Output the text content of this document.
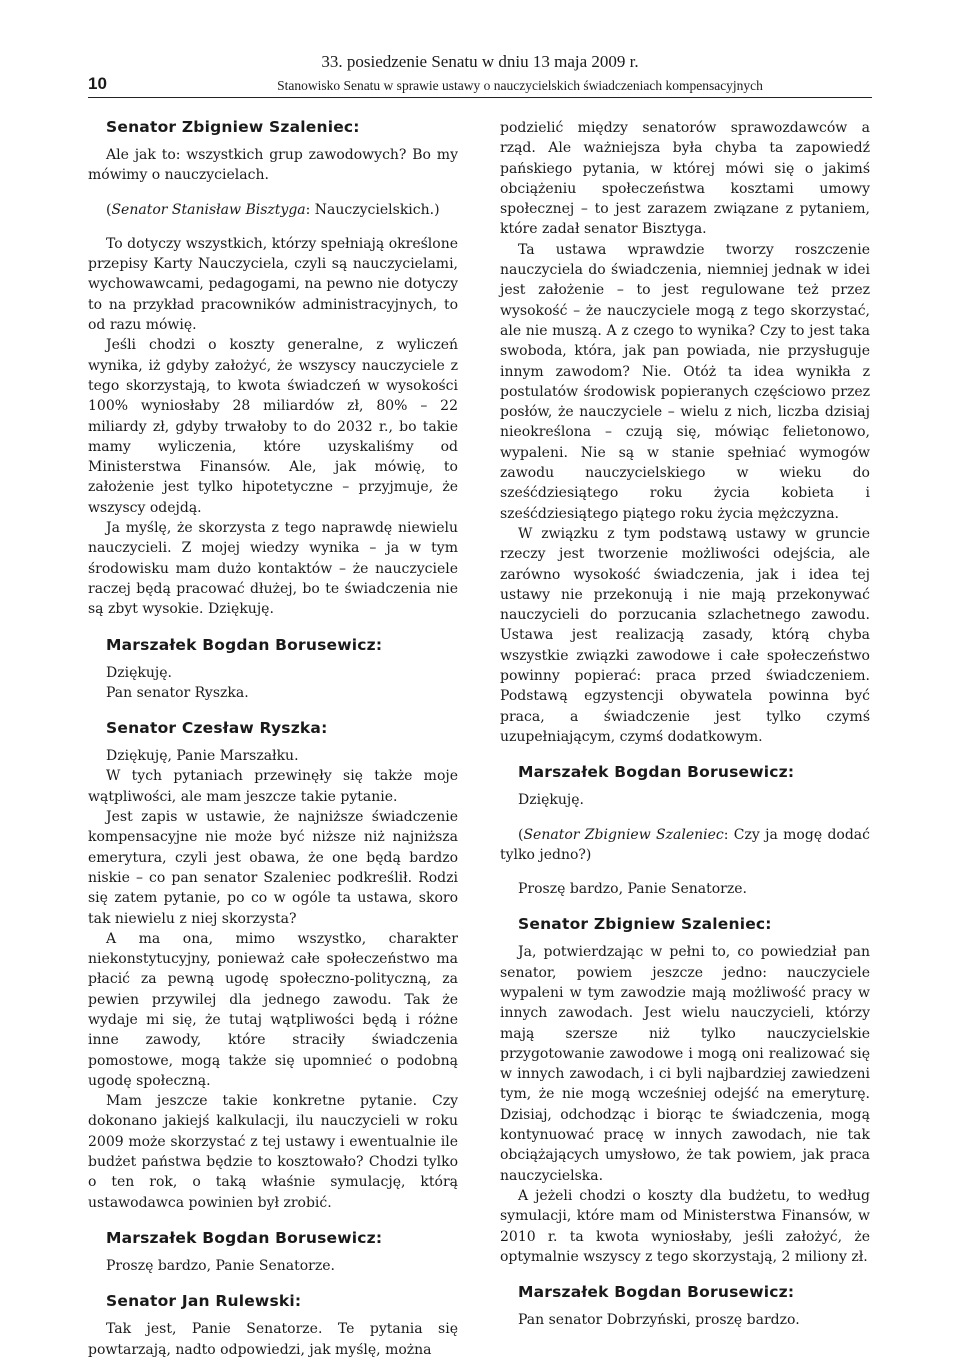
10
33. posiedzenie Senatu w dniu 13 maja 2009 r.
Stanowisko Senatu w sprawie ustawy o nauczycielskich świadczeniach kompensacyjnych
Senator Zbigniew Szaleniec:

Ale jak to: wszystkich grup zawodowych? Bo my mówimy o nauczycielach.

(Senator Stanisław Bisztyga: Nauczycielskich.)

To dotyczy wszystkich, którzy spełniają określone przepisy Karty Nauczyciela, czyli są nauczycielami, wychowawcami, pedagogami, na pewno nie dotyczy to na przykład pracowników administracyjnych, to od razu mówię.

Jeśli chodzi o koszty generalne, z wyliczeń wynika, iż gdyby założyć, że wszyscy nauczyciele z tego skorzystają, to kwota świadczeń w wysokości 100% wyniosłaby 28 miliardów zł, 80% – 22 miliardy zł, gdyby trwałoby to do 2032 r., bo takie mamy wyliczenia, które uzyskaliśmy od Ministerstwa Finansów. Ale, jak mówię, to założenie jest tylko hipotetyczne – przyjmuje, że wszyscy odejdą.

Ja myślę, że skorzysta z tego naprawdę niewielu nauczycieli. Z mojej wiedzy wynika – ja w tym środowisku mam dużo kontaktów – że nauczyciele raczej będą pracować dłużej, bo te świadczenia nie są zbyt wysokie. Dziękuję.

Marszałek Bogdan Borusewicz:

Dziękuję.

Pan senator Ryszka.

Senator Czesław Ryszka:

Dziękuję, Panie Marszałku.

W tych pytaniach przewinęły się także moje wątpliwości, ale mam jeszcze takie pytanie.

Jest zapis w ustawie, że najniższe świadczenie kompensacyjne nie może być niższe niż najniższa emerytura, czyli jest obawa, że one będą bardzo niskie – co pan senator Szaleniec podkreślił. Rodzi się zatem pytanie, po co w ogóle ta ustawa, skoro tak niewielu z niej skorzysta?

A ma ona, mimo wszystko, charakter niekonstytucyjny, ponieważ całe społeczeństwo ma płacić za pewną ugodę społeczno-polityczną, za pewien przywilej dla jednego zawodu. Tak że wydaje mi się, że tutaj wątpliwości będą i różne inne zawody, które straciły świadczenia pomostowe, mogą także się upomnieć o podobną ugodę społeczną.

Mam jeszcze takie konkretne pytanie. Czy dokonano jakiejś kalkulacji, ilu nauczycieli w roku 2009 może skorzystać z tej ustawy i ewentualnie ile budżet państwa będzie to kosztowało? Chodzi tylko o ten rok, o taką właśnie symulację, którą ustawodawca powinien był zrobić.

Marszałek Bogdan Borusewicz:

Proszę bardzo, Panie Senatorze.

Senator Jan Rulewski:

Tak jest, Panie Senatorze. Te pytania się powtarzają, nadto odpowiedzi, jak myślę, można

podzielić między senatorów sprawozdawców a rząd. Ale ważniejsza była chyba ta zapowiedź pańskiego pytania, w której mówi się o jakimś obciążeniu społeczeństwa kosztami umowy społecznej – to jest zarazem związane z pytaniem, które zadał senator Bisztyga.

Ta ustawa wprawdzie tworzy roszczenie nauczyciela do świadczenia, niemniej jednak w idei jest założenie – to jest regulowane też przez wysokość – że nauczyciele mogą z tego skorzystać, ale nie muszą. A z czego to wynika? Czy to jest taka swoboda, która, jak pan powiada, nie przysługuje innym zawodom? Nie. Otóż ta idea wynikła z postulatów środowisk popieranych częściowo przez posłów, że nauczyciele – wielu z nich, liczba dzisiaj nieokreślona – czują się, mówiąc felietonowo, wypaleni. Nie są w stanie spełniać wymogów zawodu nauczycielskiego w wieku do sześćdziesiątego roku życia kobieta i sześćdziesiątego piątego roku życia mężczyzna.

W związku z tym podstawą ustawy w gruncie rzeczy jest tworzenie możliwości odejścia, ale zarówno wysokość świadczenia, jak i idea tej ustawy nie przekonują i nie mają przekonywać nauczycieli do porzucania szlachetnego zawodu. Ustawa jest realizacją zasady, którą chyba wszystkie związki zawodowe i całe społeczeństwo powinny popierać: praca przed świadczeniem. Podstawą egzystencji obywatela powinna być praca, a świadczenie jest tylko czymś uzupełniającym, czymś dodatkowym.

Marszałek Bogdan Borusewicz:

Dziękuję.

(Senator Zbigniew Szaleniec: Czy ja mogę dodać tylko jedno?)

Proszę bardzo, Panie Senatorze.

Senator Zbigniew Szaleniec:

Ja, potwierdzając w pełni to, co powiedział pan senator, powiem jeszcze jedno: nauczyciele wypaleni w tym zawodzie mają możliwość pracy w innych zawodach. Jest wielu nauczycieli, którzy mają szersze niż tylko nauczycielskie przygotowanie zawodowe i mogą oni realizować się w innych zawodach, i ci byli najbardziej zawiedzeni tym, że nie mogą wcześniej odejść na emeryturę. Dzisiaj, odchodząc i biorąc te świadczenia, mogą kontynuować pracę w innych zawodach, nie tak obciążających umysłowo, że tak powiem, jak praca nauczycielska.

A jeżeli chodzi o koszty dla budżetu, to według symulacji, które mam od Ministerstwa Finansów, w 2010 r. ta kwota wyniosłaby, jeśli założyć, że optymalnie wszyscy z tego skorzystają, 2 miliony zł.

Marszałek Bogdan Borusewicz:

Pan senator Dobrzyński, proszę bardzo.
